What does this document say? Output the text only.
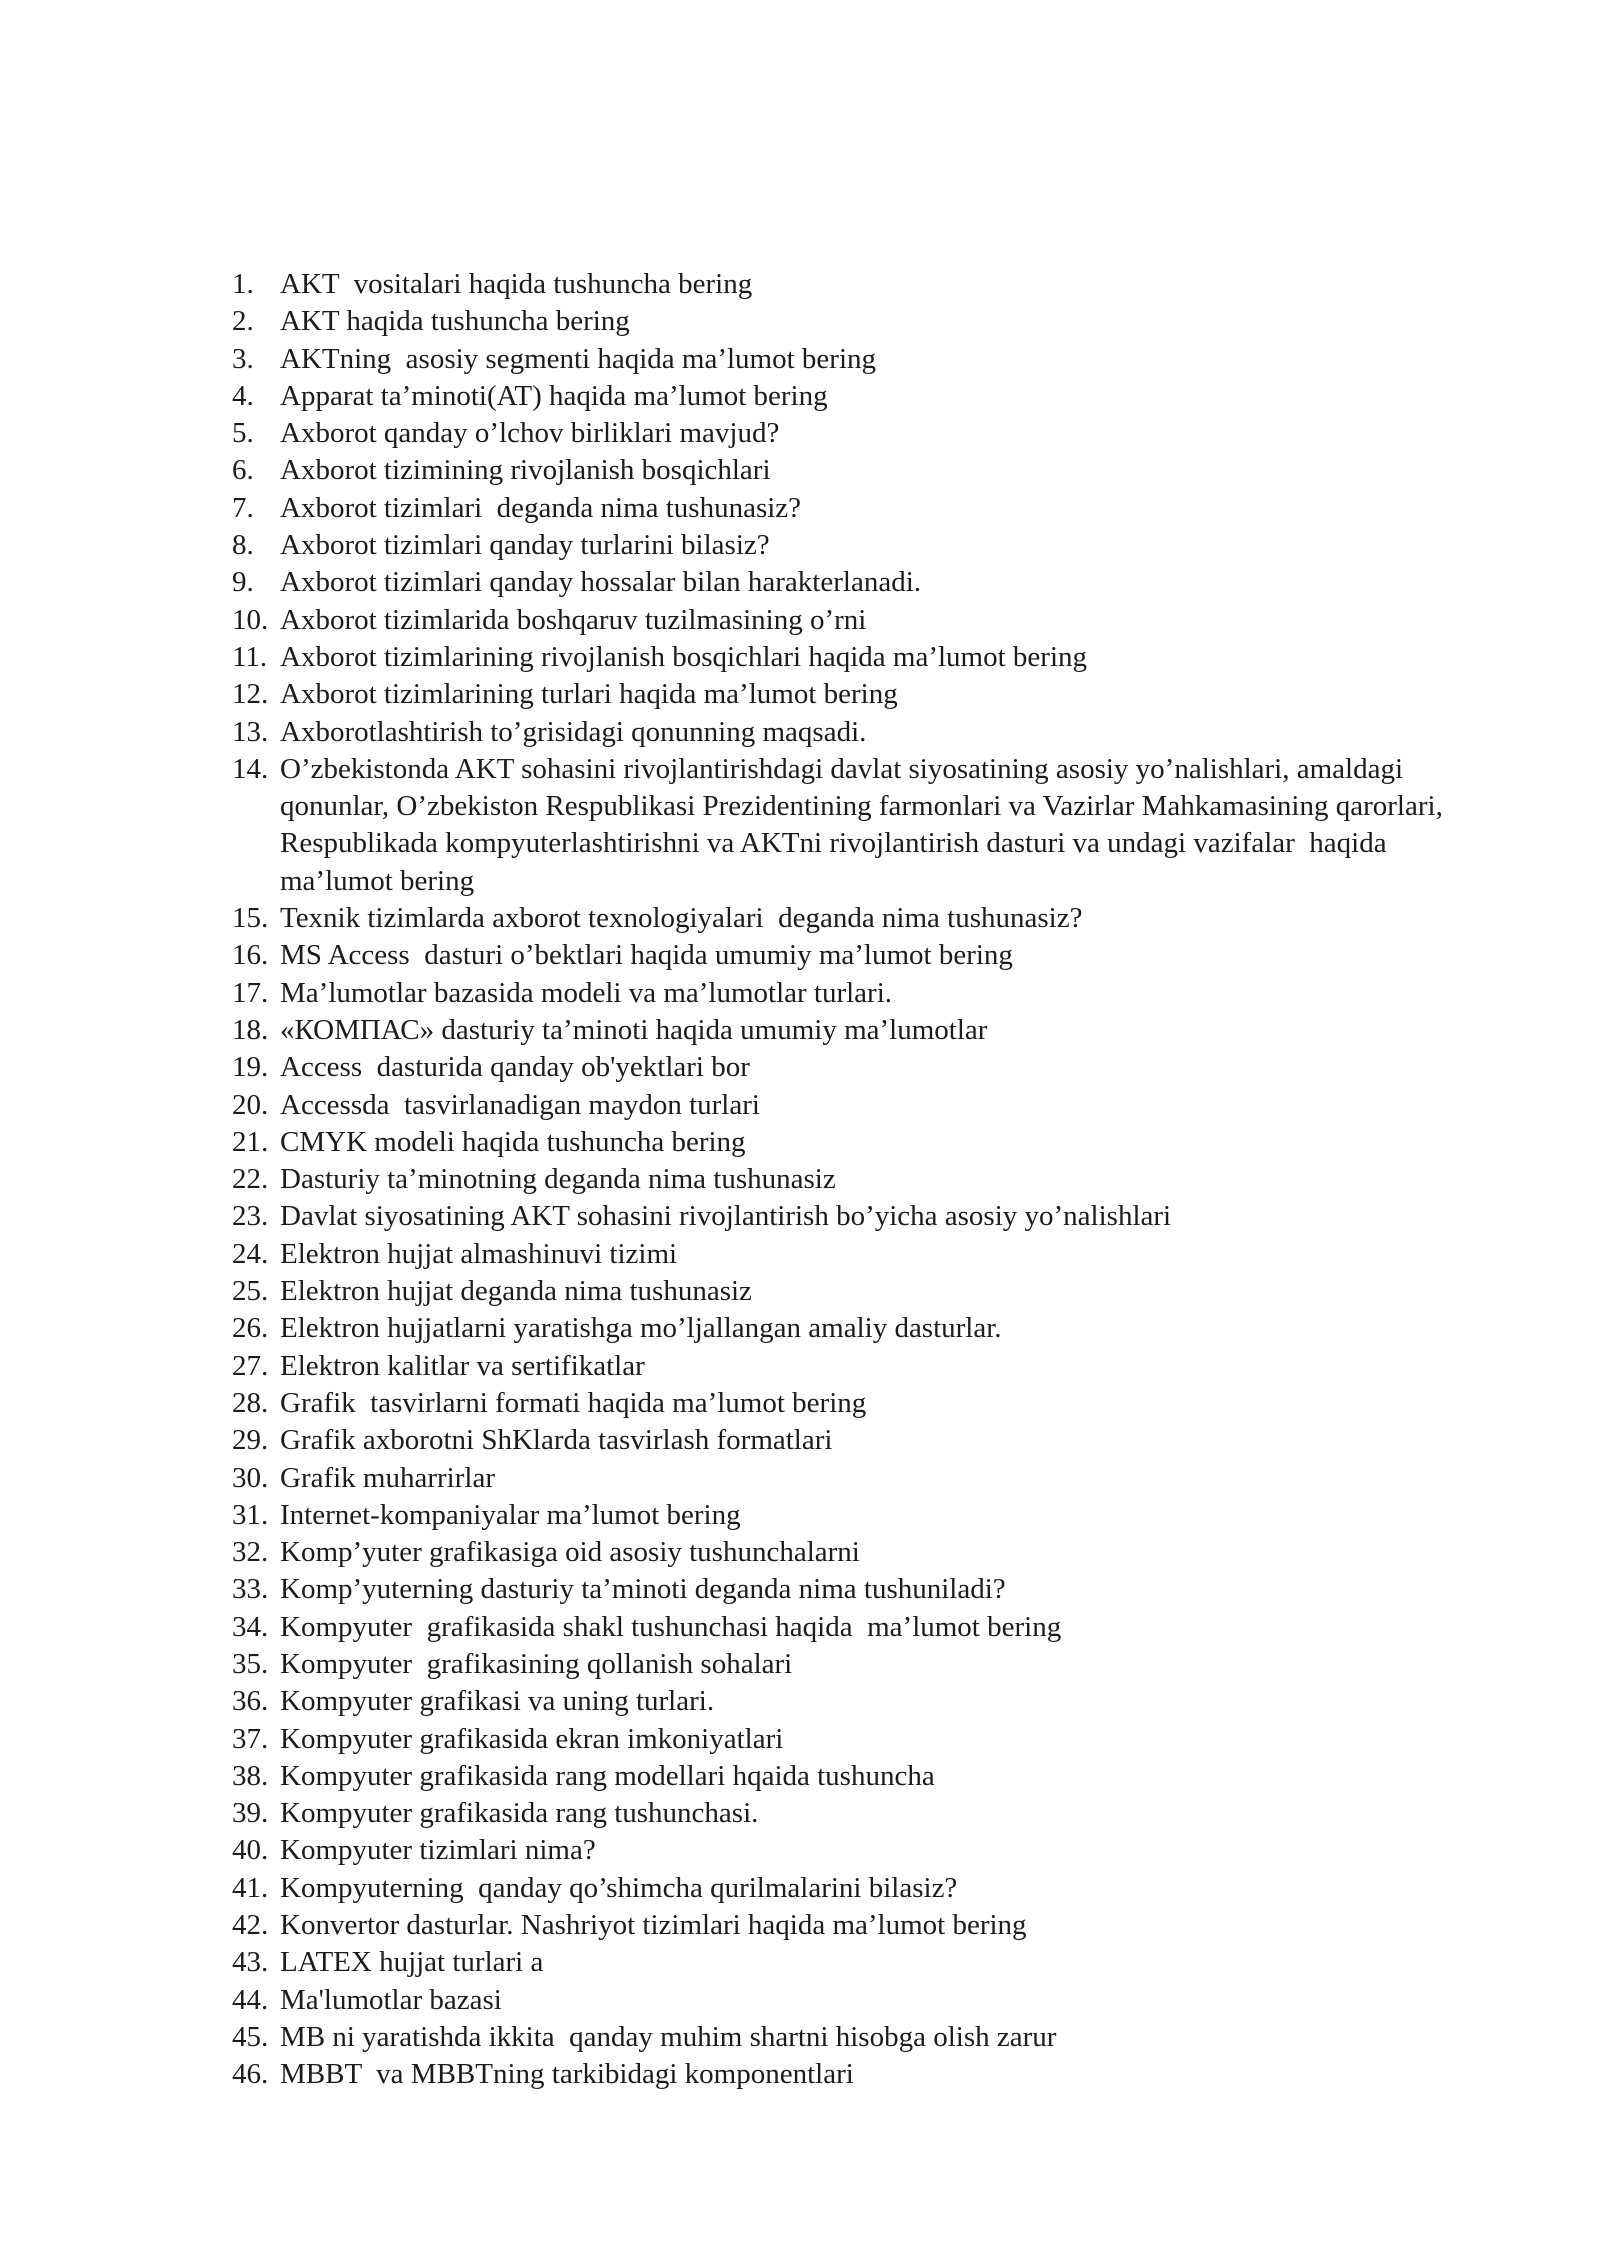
1. AKT  vositalari haqida tushuncha bering
2. AKT haqida tushuncha bering
3. AKTning  asosiy segmenti haqida ma’lumot bering
4. Apparat ta’minoti(AT) haqida ma’lumot bering
5. Axborot qanday o’lchov birliklari mavjud?
6. Axborot tizimining rivojlanish bosqichlari
7. Axborot tizimlari  deganda nima tushunasiz?
8. Axborot tizimlari qanday turlarini bilasiz?
9. Axborot tizimlari qanday hossalar bilan harakterlanadi.
10. Axborot tizimlarida boshqaruv tuzilmasining o’rni
11. Axborot tizimlarining rivojlanish bosqichlari haqida ma’lumot bering
12. Axborot tizimlarining turlari haqida ma’lumot bering
13. Axborotlashtirish to’grisidagi qonunning maqsadi.
14. O’zbekistonda AKT sohasini rivojlantirishdagi davlat siyosatining asosiy yo’nalishlari, amaldagi qonunlar, O’zbekiston Respublikasi Prezidentining farmonlari va Vazirlar Mahkamasining qarorlari, Respublikada kompyuterlashtirishni va AKTni rivojlantirish dasturi va undagi vazifalar  haqida ma’lumot bering
15. Texnik tizimlarda axborot texnologiyalari  deganda nima tushunasiz?
16. MS Access  dasturi o’bektlari haqida umumiy ma’lumot bering
17. Ma’lumotlar bazasida modeli va ma’lumotlar turlari.
18. «КОМПАС» dasturiy ta’minoti haqida umumiy ma’lumotlar
19. Access  dasturida qanday ob'yektlari bor
20. Accessda  tasvirlanadigan maydon turlari
21. CMYK modeli haqida tushuncha bering
22. Dasturiy ta’minotning deganda nima tushunasiz
23. Davlat siyosatining AKT sohasini rivojlantirish bo’yicha asosiy yo’nalishlari
24. Elektron hujjat almashinuvi tizimi
25. Elektron hujjat deganda nima tushunasiz
26. Elektron hujjatlarni yaratishga mo’ljallangan amaliy dasturlar.
27. Elektron kalitlar va sertifikatlar
28. Grafik  tasvirlarni formati haqida ma’lumot bering
29. Grafik axborotni ShKlarda tasvirlash formatlari
30. Grafik muharrirlar
31. Internet-kompaniyalar ma’lumot bering
32. Komp’yuter grafikasiga oid asosiy tushunchalarni
33. Komp’yuterning dasturiy ta’minoti deganda nima tushuniladi?
34. Kompyuter  grafikasida shakl tushunchasi haqida  ma’lumot bering
35. Kompyuter  grafikasining qollanish sohalari
36. Kompyuter grafikasi va uning turlari.
37. Kompyuter grafikasida ekran imkoniyatlari
38. Kompyuter grafikasida rang modellari hqaida tushuncha
39. Kompyuter grafikasida rang tushunchasi.
40. Kompyuter tizimlari nima?
41. Kompyuterning  qanday qo’shimcha qurilmalarini bilasiz?
42. Konvertor dasturlar. Nashriyot tizimlari haqida ma’lumot bering
43. LATEX hujjat turlari a
44. Ma'lumotlar bazasi
45. MB ni yaratishda ikkita  qanday muhim shartni hisobga olish zarur
46. MBBT  va MBBTning tarkibidagi komponentlari
